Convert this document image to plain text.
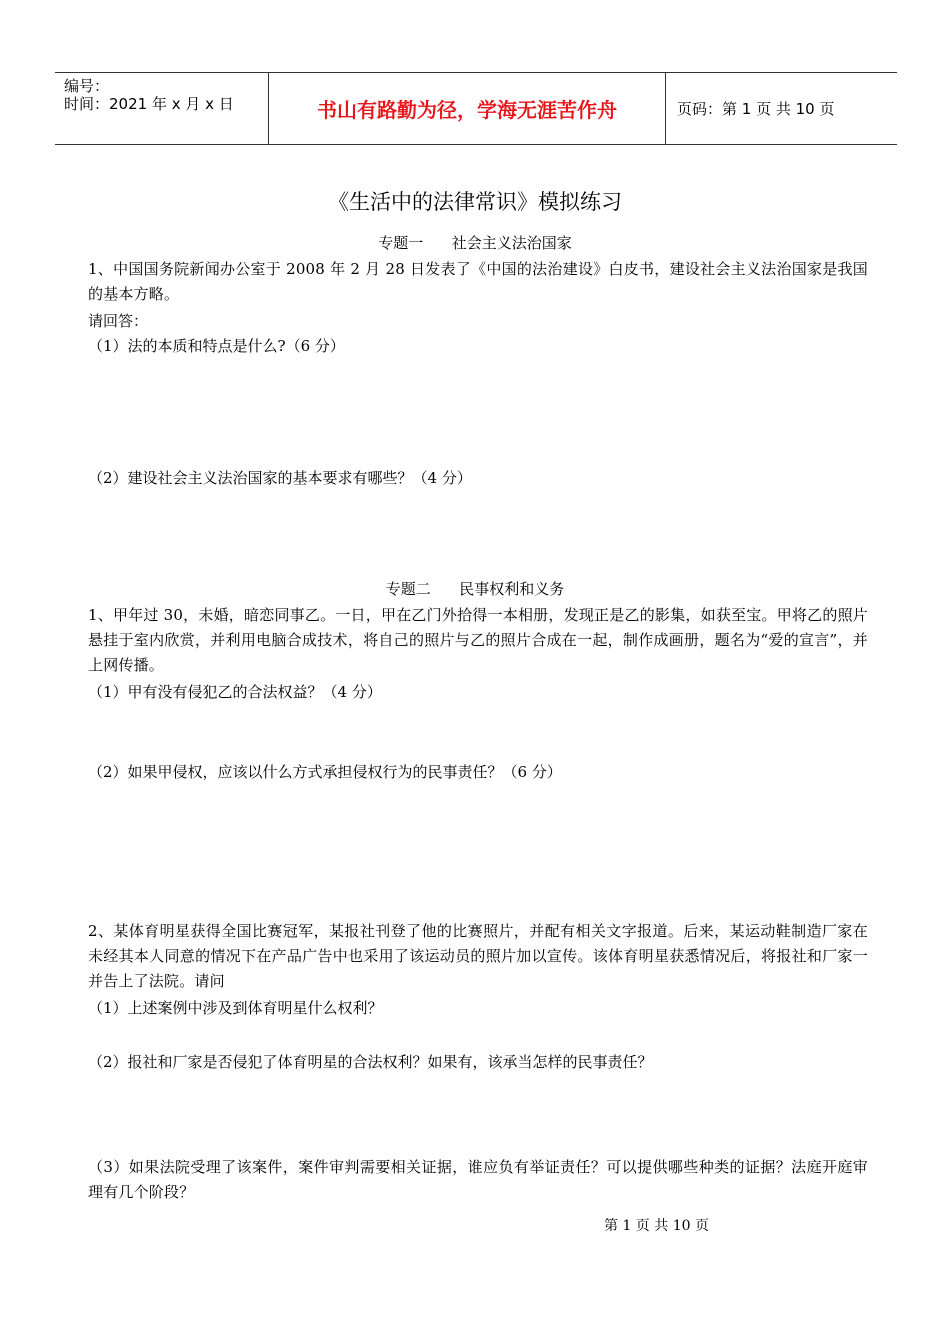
编号：
时间：2021 年 x 月 x 日	书山有路勤为径，学海无涯苦作舟	页码：第 1 页 共 10 页
《生活中的法律常识》模拟练习
专题一      社会主义法治国家
1、中国国务院新闻办公室于 2008 年 2 月 28 日发表了《中国的法治建设》白皮书，建设社会主义法治国家是我国的基本方略。
请回答：
（1）法的本质和特点是什么?（6 分）
（2）建设社会主义法治国家的基本要求有哪些？（4 分）
专题二      民事权利和义务
1、甲年过 30，未婚，暗恋同事乙。一日，甲在乙门外拾得一本相册，发现正是乙的影集，如获至宝。甲将乙的照片悬挂于室内欣赏，并利用电脑合成技术，将自己的照片与乙的照片合成在一起，制作成画册，题名为“爱的宣言”，并上网传播。
（1）甲有没有侵犯乙的合法权益？（4 分）
（2）如果甲侵权，应该以什么方式承担侵权行为的民事责任？（6 分）
2、某体育明星获得全国比赛冠军，某报社刊登了他的比赛照片，并配有相关文字报道。后来，某运动鞋制造厂家在未经其本人同意的情况下在产品广告中也采用了该运动员的照片加以宣传。该体育明星获悉情况后，将报社和厂家一并告上了法院。请问
（1）上述案例中涉及到体育明星什么权利？
（2）报社和厂家是否侵犯了体育明星的合法权利？如果有，该承当怎样的民事责任？
（3）如果法院受理了该案件，案件审判需要相关证据，谁应负有举证责任？可以提供哪些种类的证据？法庭开庭审理有几个阶段？
第 1 页 共 10 页
